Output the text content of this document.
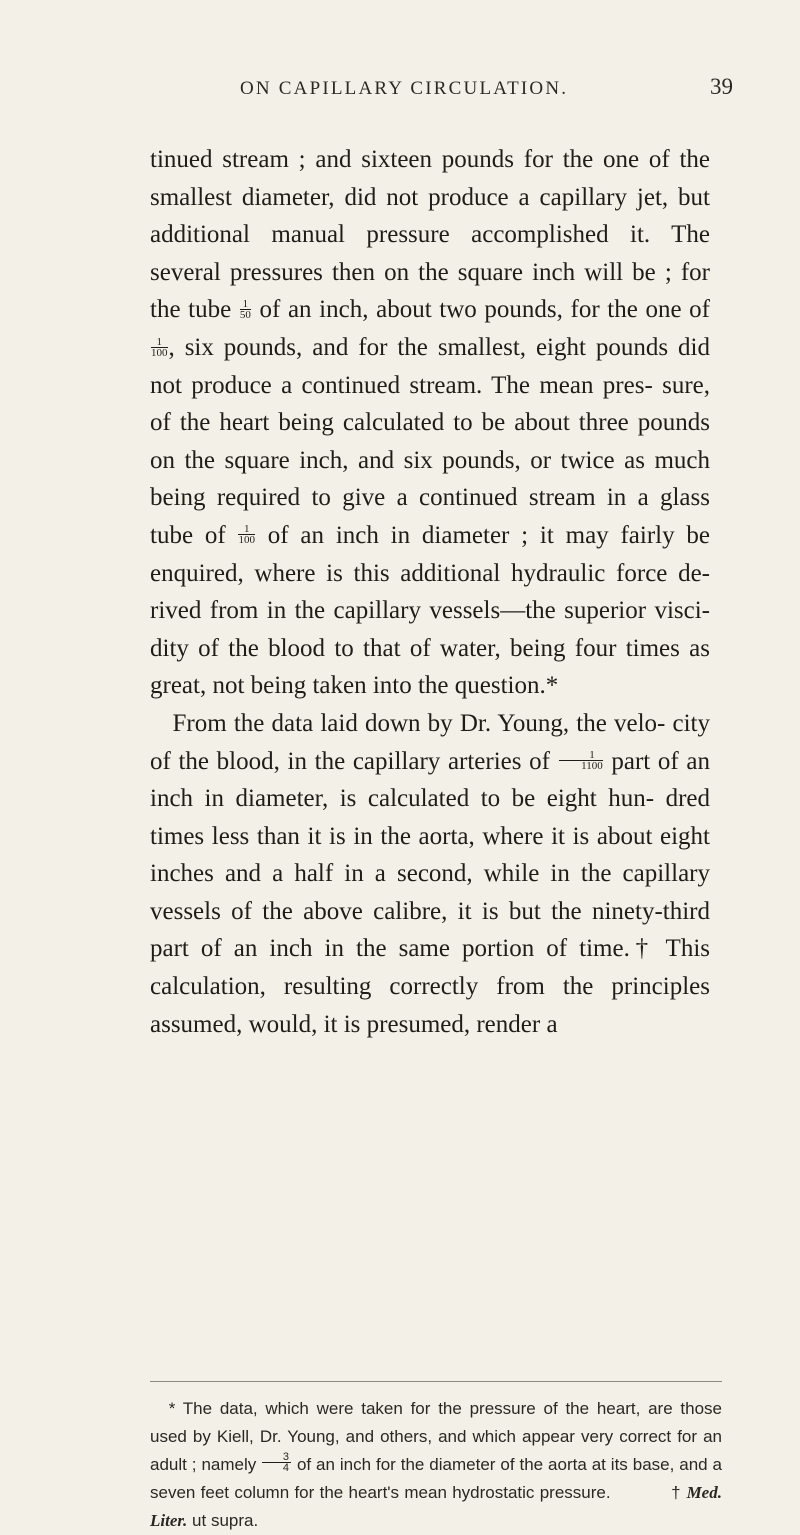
ON CAPILLARY CIRCULATION.	39

tinued stream ; and sixteen pounds for the one of the smallest diameter, did not produce a capillary jet, but additional manual pressure accomplished it. The several pressures then on the square inch will be ; for the tube $\frac{1}{50}$ of an inch, about two pounds, for the one of
$\frac{1}{100}$ , six pounds, and for the smallest, eight pounds did not produce a continued stream. The mean pres- sure, of the heart being calculated to be about three pounds on the square inch, and six pounds, or twice as much being required to give a continued stream in a glass tube of $\frac{1}{100}$ of an inch in diameter ; it may fairly be enquired, where is this additional hydraulic force de- rived from in the capillary vessels—the superior visci- dity of the blood to that of water, being four times as great, not being taken into the question.*

From the data laid down by Dr. Young, the velo- city of the blood, in the capillary arteries of $\frac{1}{1100}$ part of an inch in diameter, is calculated to be eight hun- dred times less than it is in the aorta, where it is about eight inches and a half in a second, while in the capillary vessels of the above calibre, it is but the ninety-third part of an inch in the same portion of time.† This calculation, resulting correctly from the principles assumed, would, it is presumed, render a

* The data, which were taken for the pressure of the heart, are those used by Kiell, Dr. Young, and others, and which appear very correct for an adult ; namely $\frac{3}{4}$ of an inch for the diameter of the aorta at its base, and a seven feet column for the heart's mean hydrostatic pressure.	† Med. Liter. ut supra.
